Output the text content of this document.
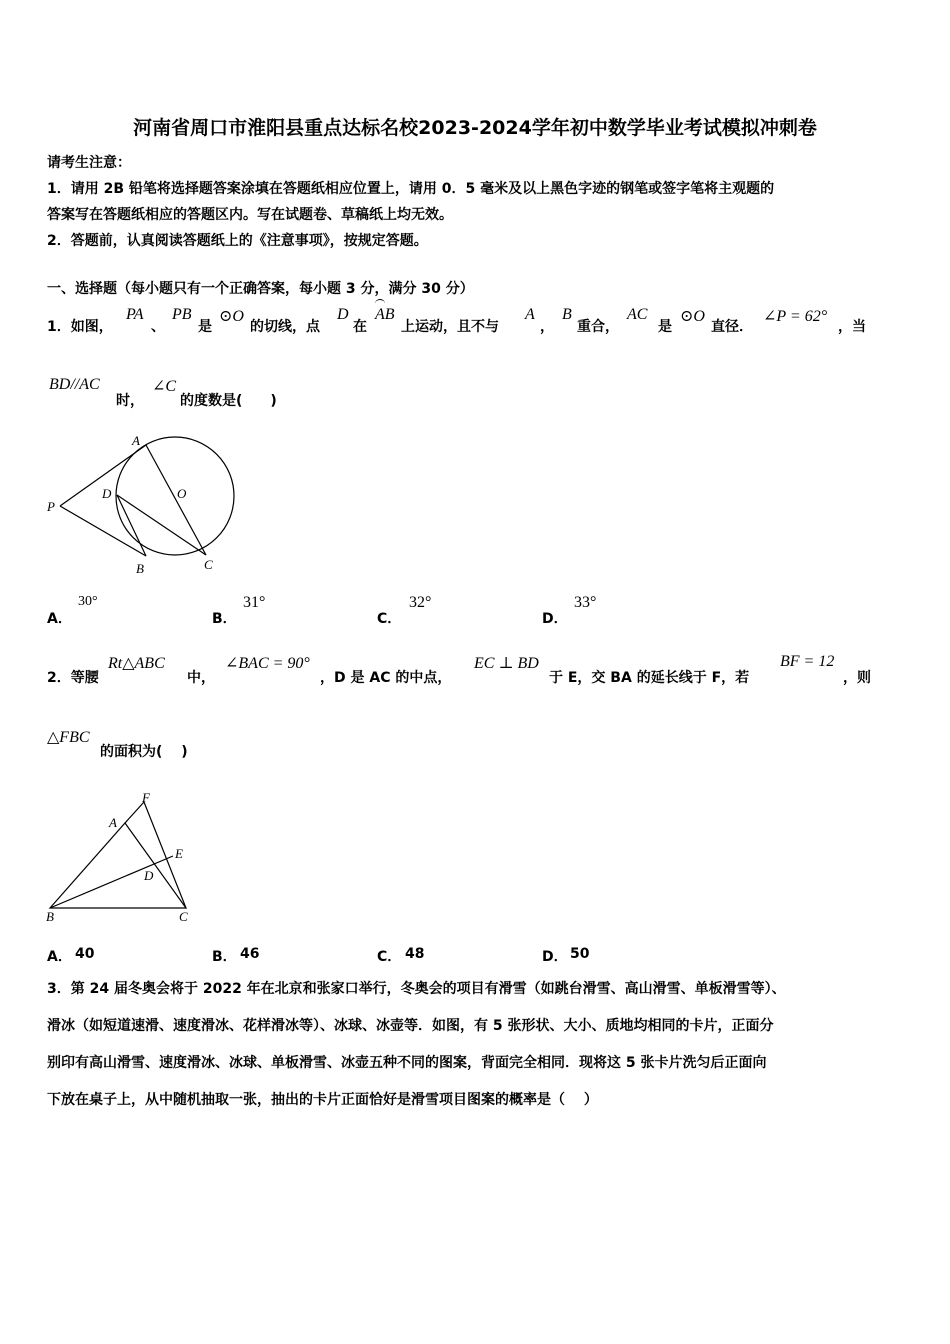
河南省周口市淮阳县重点达标名校2023-2024学年初中数学毕业考试模拟冲刺卷
请考生注意：
1．请用 2B 铅笔将选择题答案涂填在答题纸相应位置上，请用 0．5 毫米及以上黑色字迹的钢笔或签字笔将主观题的
答案写在答题纸相应的答题区内。写在试题卷、草稿纸上均无效。
2．答题前，认真阅读答题纸上的《注意事项》，按规定答题。
一、选择题（每小题只有一个正确答案，每小题 3 分，满分 30 分）
1．如图，
PA
、
PB
是
⊙O
的切线，点
D
在
AB
上运动，且不与
A
，
B
重合，
AC
是
⊙O
直径．
∠P = 62°
，当
BD//AC
时，
∠C
的度数是(　　)
A
O
D
P
B	C
A．
30°
B．
31°
C．
32°
D．
33°
2．等腰
Rt△ABC
中，
∠BAC = 90°
，D 是 AC 的中点，
EC ⊥ BD
于 E，交 BA 的延长线于 F，若
BF = 12
，则
△FBC
的面积为(　 )
F
A
E
D
B	C
A． 40	B． 46	C． 48	D． 50
3．第 24 届冬奥会将于 2022 年在北京和张家口举行，冬奥会的项目有滑雪（如跳台滑雪、高山滑雪、单板滑雪等）、
滑冰（如短道速滑、速度滑冰、花样滑冰等）、冰球、冰壶等．如图，有 5 张形状、大小、质地均相同的卡片，正面分
别印有高山滑雪、速度滑冰、冰球、单板滑雪、冰壶五种不同的图案，背面完全相同．现将这 5 张卡片洗匀后正面向
下放在桌子上，从中随机抽取一张，抽出的卡片正面恰好是滑雪项目图案的概率是（　 ）
